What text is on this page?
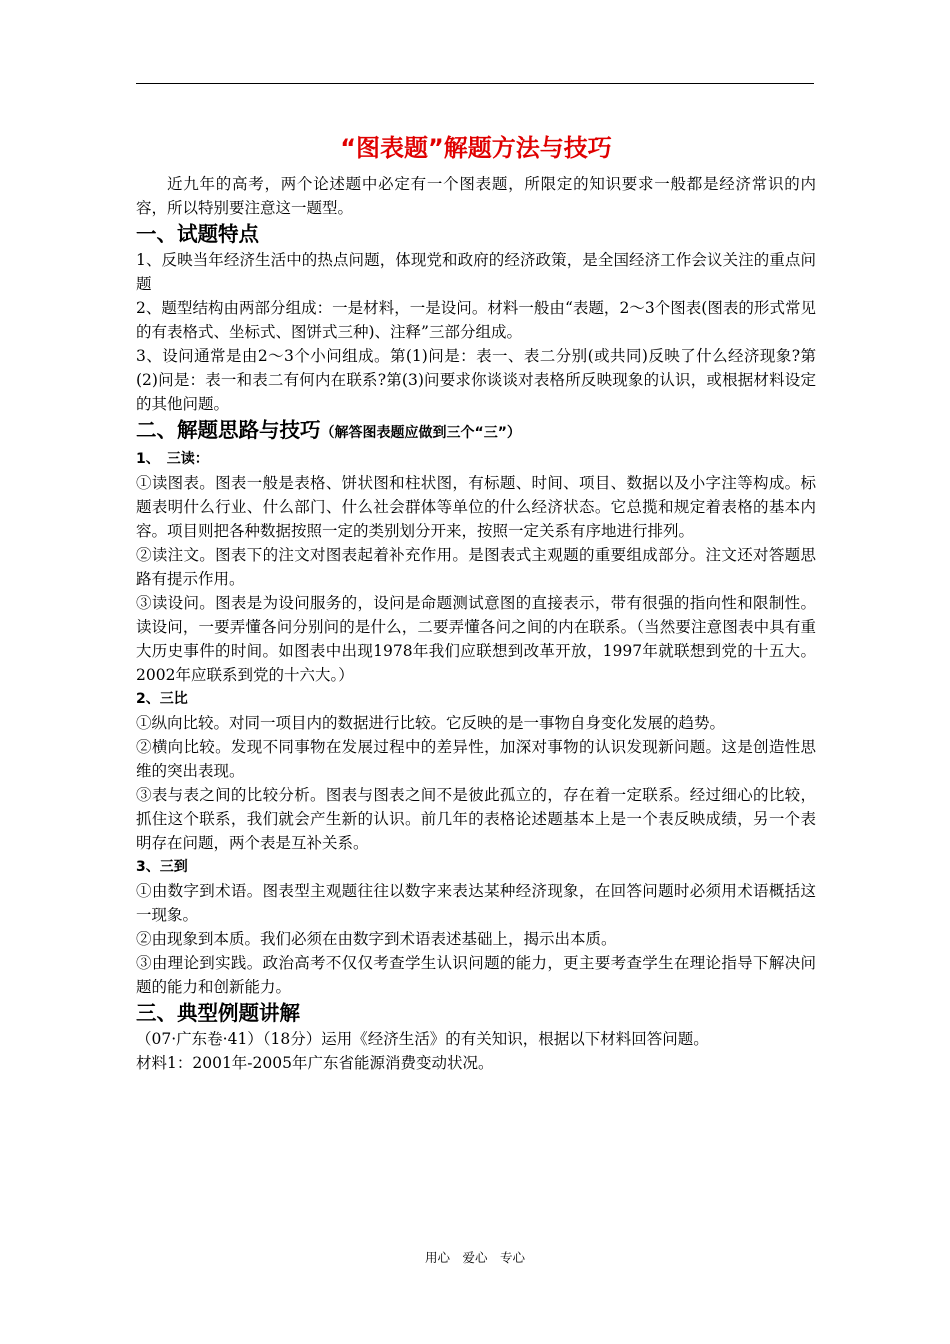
“图表题”解题方法与技巧

近九年的高考，两个论述题中必定有一个图表题，所限定的知识要求一般都是经济常识的内容，所以特别要注意这一题型。

一、试题特点

1、反映当年经济生活中的热点问题，体现党和政府的经济政策，是全国经济工作会议关注的重点问题

2、题型结构由两部分组成：一是材料，一是设问。材料一般由“表题，2～3个图表(图表的形式常见的有表格式、坐标式、图饼式三种)、注释”三部分组成。

3、设问通常是由2～3个小问组成。第(1)问是：表一、表二分别(或共同)反映了什么经济现象?第(2)问是：表一和表二有何内在联系?第(3)问要求你谈谈对表格所反映现象的认识，或根据材料设定的其他问题。

二、解题思路与技巧（解答图表题应做到三个“三”）
1、　三读：

①读图表。图表一般是表格、饼状图和柱状图，有标题、时间、项目、数据以及小字注等构成。标题表明什么行业、什么部门、什么社会群体等单位的什么经济状态。它总揽和规定着表格的基本内容。项目则把各种数据按照一定的类别划分开来，按照一定关系有序地进行排列。

②读注文。图表下的注文对图表起着补充作用。是图表式主观题的重要组成部分。注文还对答题思路有提示作用。

③读设问。图表是为设问服务的，设问是命题测试意图的直接表示，带有很强的指向性和限制性。读设问，一要弄懂各问分别问的是什么，二要弄懂各问之间的内在联系。（当然要注意图表中具有重大历史事件的时间。如图表中出现1978年我们应联想到改革开放，1997年就联想到党的十五大。2002年应联系到党的十六大。）

2、三比

①纵向比较。对同一项目内的数据进行比较。它反映的是一事物自身变化发展的趋势。

②横向比较。发现不同事物在发展过程中的差异性，加深对事物的认识发现新问题。这是创造性思维的突出表现。

③表与表之间的比较分析。图表与图表之间不是彼此孤立的，存在着一定联系。经过细心的比较，抓住这个联系，我们就会产生新的认识。前几年的表格论述题基本上是一个表反映成绩，另一个表明存在问题，两个表是互补关系。

3、三到

①由数字到术语。图表型主观题往往以数字来表达某种经济现象，在回答问题时必须用术语概括这一现象。

②由现象到本质。我们必须在由数字到术语表述基础上，揭示出本质。

③由理论到实践。政治高考不仅仅考查学生认识问题的能力，更主要考查学生在理论指导下解决问题的能力和创新能力。

三、典型例题讲解

（07·广东卷·41）（18分）运用《经济生活》的有关知识，根据以下材料回答问题。

材料1：2001年-2005年广东省能源消费变动状况。

用心　爱心　专心
